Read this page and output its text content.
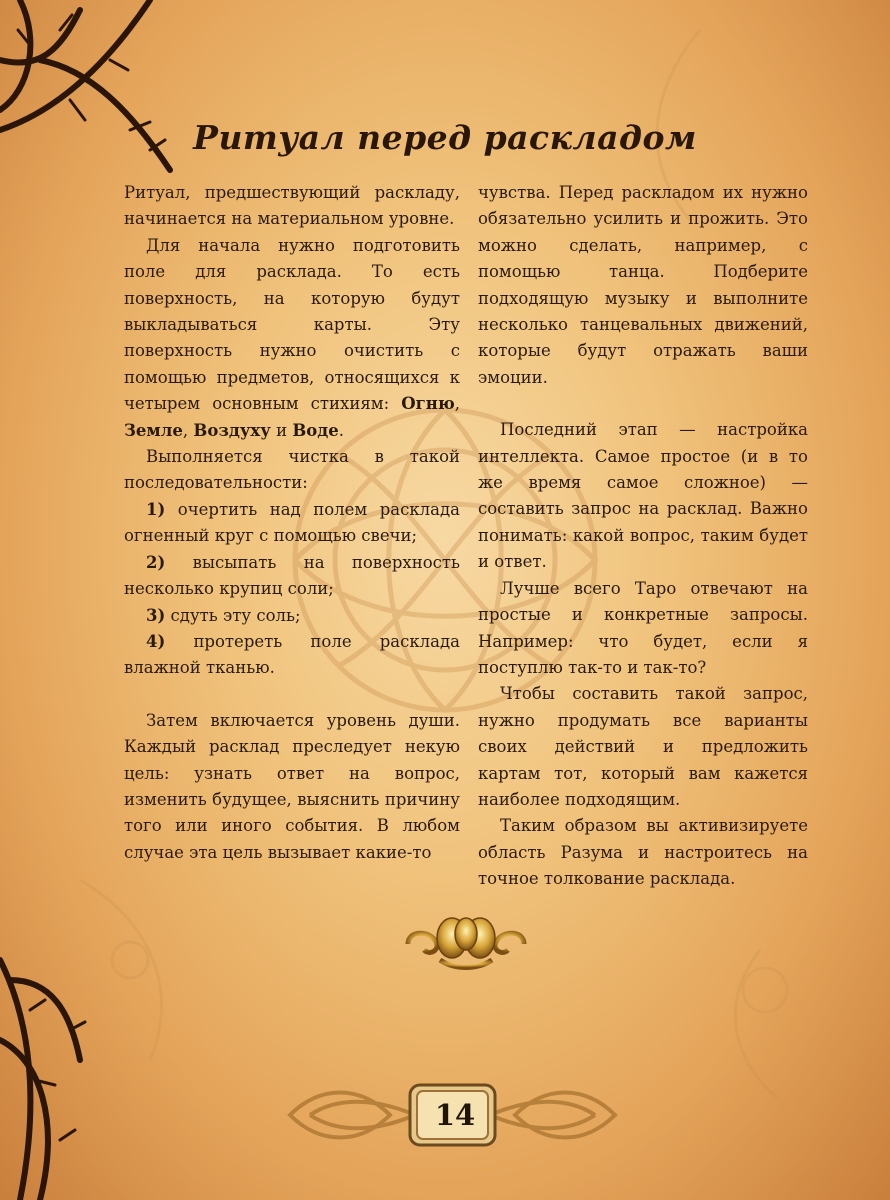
Ритуал перед раскладом

Ритуал, предшествующий раскладу, начинается на материальном уровне.

Для начала нужно подготовить поле для расклада. То есть поверхность, на которую будут выкладываться карты. Эту поверхность нужно очистить с помощью предметов, относящихся к четырем основным стихиям: Огню, Земле, Воздуху и Воде.

Выполняется чистка в такой последовательности:

1) очертить над полем расклада огненный круг с помощью свечи;

2) высыпать на поверхность несколько крупиц соли;

3) сдуть эту соль;

4) протереть поле расклада влажной тканью.

Затем включается уровень души. Каждый расклад преследует некую цель: узнать ответ на вопрос, изменить будущее, выяснить причину того или иного события. В любом случае эта цель вызывает какие-то

чувства. Перед раскладом их нужно обязательно усилить и прожить. Это можно сделать, например, с помощью танца. Подберите подходящую музыку и выполните несколько танцевальных движений, которые будут отражать ваши эмоции.

Последний этап — настройка интеллекта. Самое простое (и в то же время самое сложное) — составить запрос на расклад. Важно понимать: какой вопрос, таким будет и ответ.

Лучше всего Таро отвечают на простые и конкретные запросы. Например: что будет, если я поступлю так-то и так-то?

Чтобы составить такой запрос, нужно продумать все варианты своих действий и предложить картам тот, который вам кажется наиболее подходящим.

Таким образом вы активизируете область Разума и настроитесь на точное толкование расклада.

14
